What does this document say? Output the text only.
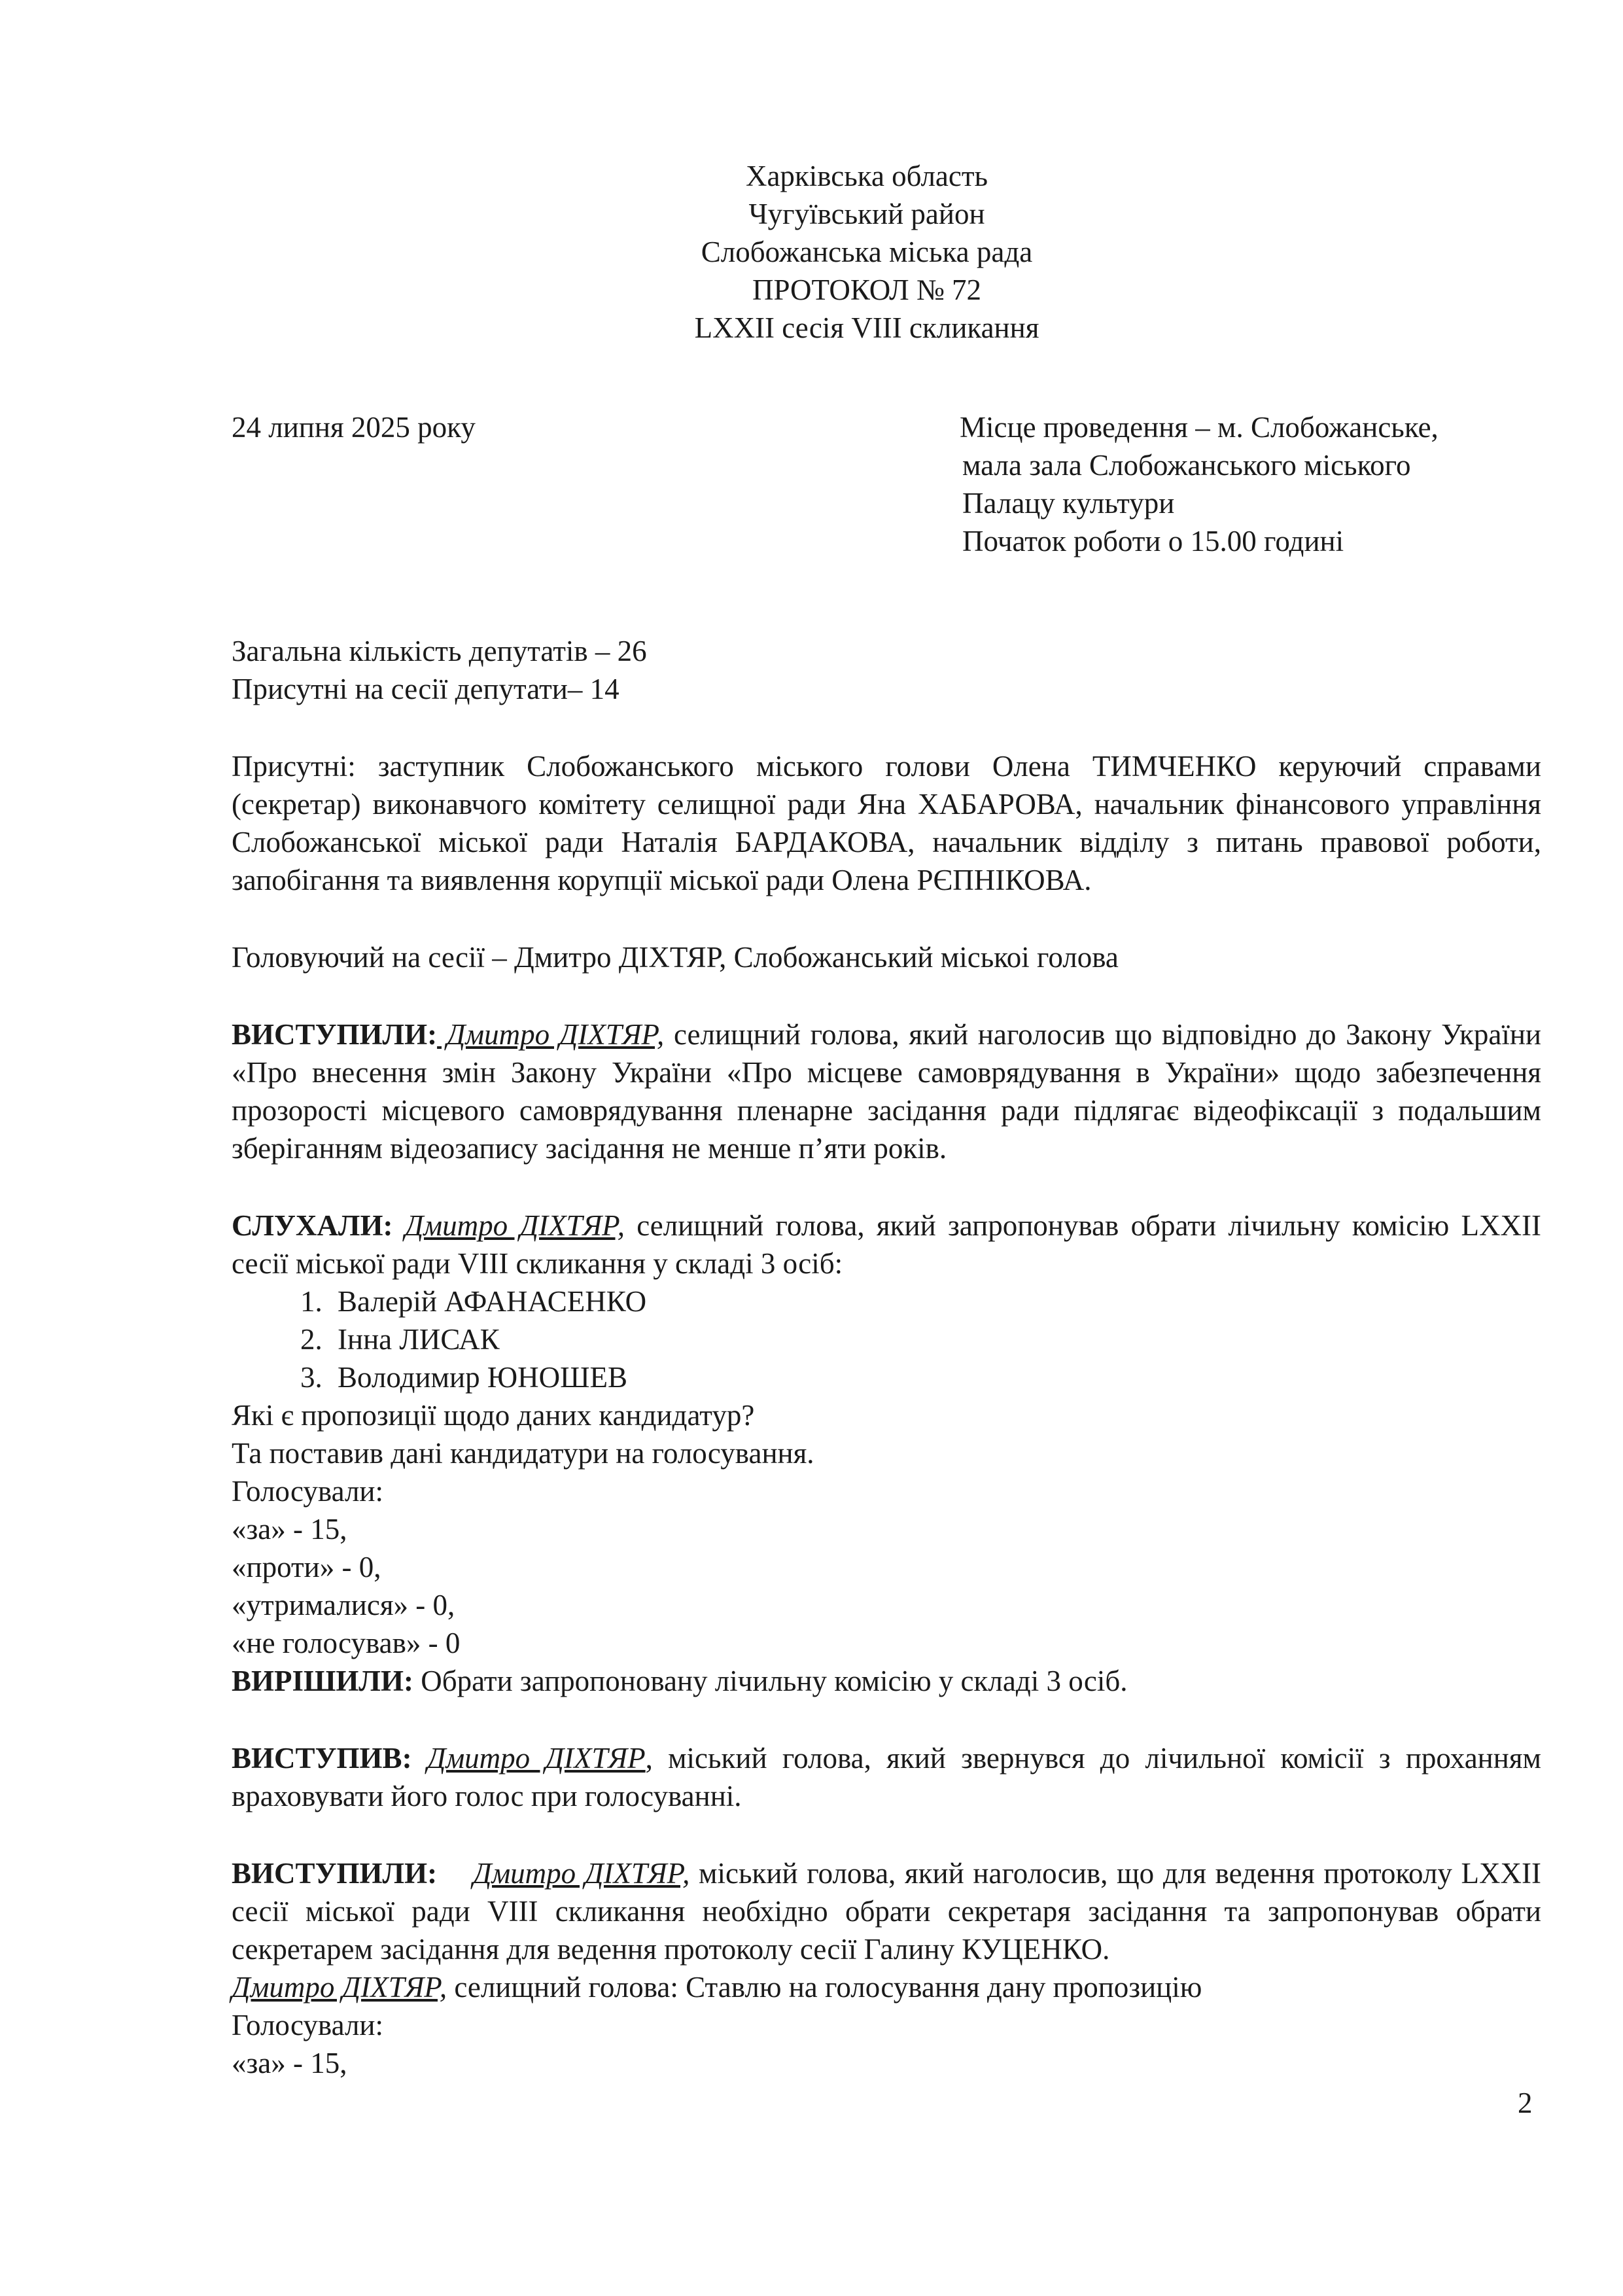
Харківська область
Чугуївський район
Слобожанська міська рада
ПРОТОКОЛ № 72
LXXII сесія VIII скликання
24 липня 2025 року	Місце проведення – м. Слобожанське,
мала зала Слобожанського міського
Палацу культури
Початок роботи о 15.00 годині

Загальна кількість депутатів – 26

Присутні на сесії депутати– 14

Присутні: заступник Слобожанського міського голови Олена ТИМЧЕНКО керуючий справами (секретар) виконавчого комітету селищної ради Яна ХАБАРОВА, начальник фінансового управління Слобожанської міської ради Наталія БАРДАКОВА, начальник відділу з питань правової роботи, запобігання та виявлення корупції міської ради Олена РЄПНІКОВА.

Головуючий на сесії – Дмитро ДІХТЯР, Слобожанський міськоі голова

ВИСТУПИЛИ: Дмитро ДІХТЯР, селищний голова, який наголосив що відповідно до Закону України «Про внесення змін Закону України «Про місцеве самоврядування в України» щодо забезпечення прозорості місцевого самоврядування пленарне засідання ради підлягає відеофіксації з подальшим зберіганням відеозапису засідання не менше п’яти років.

СЛУХАЛИ: Дмитро ДІХТЯР, селищний голова, який запропонував обрати лічильну комісію LXXII сесії міської ради VIII скликання у складі 3 осіб:

1. Валерій АФАНАСЕНКО
2. Інна ЛИСАК
3. Володимир ЮНОШЕВ

Які є пропозиції щодо даних кандидатур?

Та поставив дані кандидатури на голосування.

Голосували:

«за» - 15,

«проти» - 0,

«утрималися» - 0,

«не голосував» - 0

ВИРІШИЛИ: Обрати запропоновану лічильну комісію у складі 3 осіб.

ВИСТУПИВ: Дмитро ДІХТЯР, міський голова, який звернувся до лічильної комісії з проханням враховувати його голос при голосуванні.

ВИСТУПИЛИ: Дмитро ДІХТЯР, міський голова, який наголосив, що для ведення протоколу LXXII сесії міської ради VIII скликання необхідно обрати секретаря засідання та запропонував обрати секретарем засідання для ведення протоколу сесії Галину КУЦЕНКО.

Дмитро ДІХТЯР, селищний голова: Ставлю на голосування дану пропозицію

Голосували:

«за» - 15,

2
